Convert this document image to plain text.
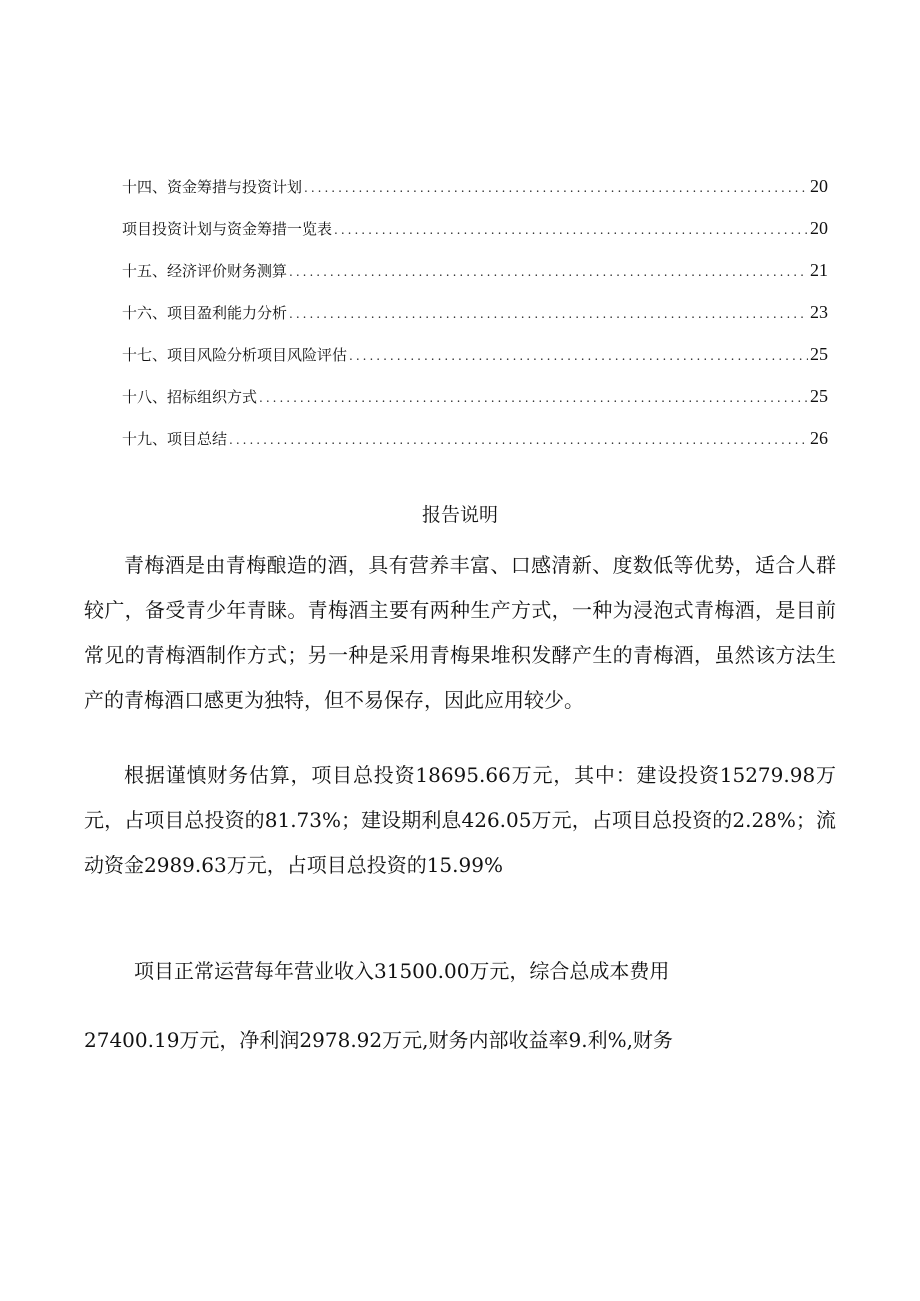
十四、资金筹措与投资计划 .....	20
项目投资计划与资金筹措一览表 .....	20
十五、经济评价财务测算 .....	21
十六、项目盈利能力分析 .....	23
十七、项目风险分析项目风险评估 .....	25
十八、招标组织方式 .....	25
十九、项目总结 .....	26
报告说明

青梅酒是由青梅酿造的酒，具有营养丰富、口感清新、度数低等优势，适合人群较广，备受青少年青睐。青梅酒主要有两种生产方式，一种为浸泡式青梅酒，是目前常见的青梅酒制作方式；另一种是采用青梅果堆积发酵产生的青梅酒，虽然该方法生产的青梅酒口感更为独特，但不易保存，因此应用较少。

根据谨慎财务估算，项目总投资18695.66万元，其中：建设投资15279.98万元，占项目总投资的81.73%；建设期利息426.05万元，占项目总投资的2.28%；流动资金2989.63万元，占项目总投资的15.99%

项目正常运营每年营业收入31500.00万元，综合总成本费用

27400.19万元，净利润2978.92万元,财务内部收益率9.利%,财务
